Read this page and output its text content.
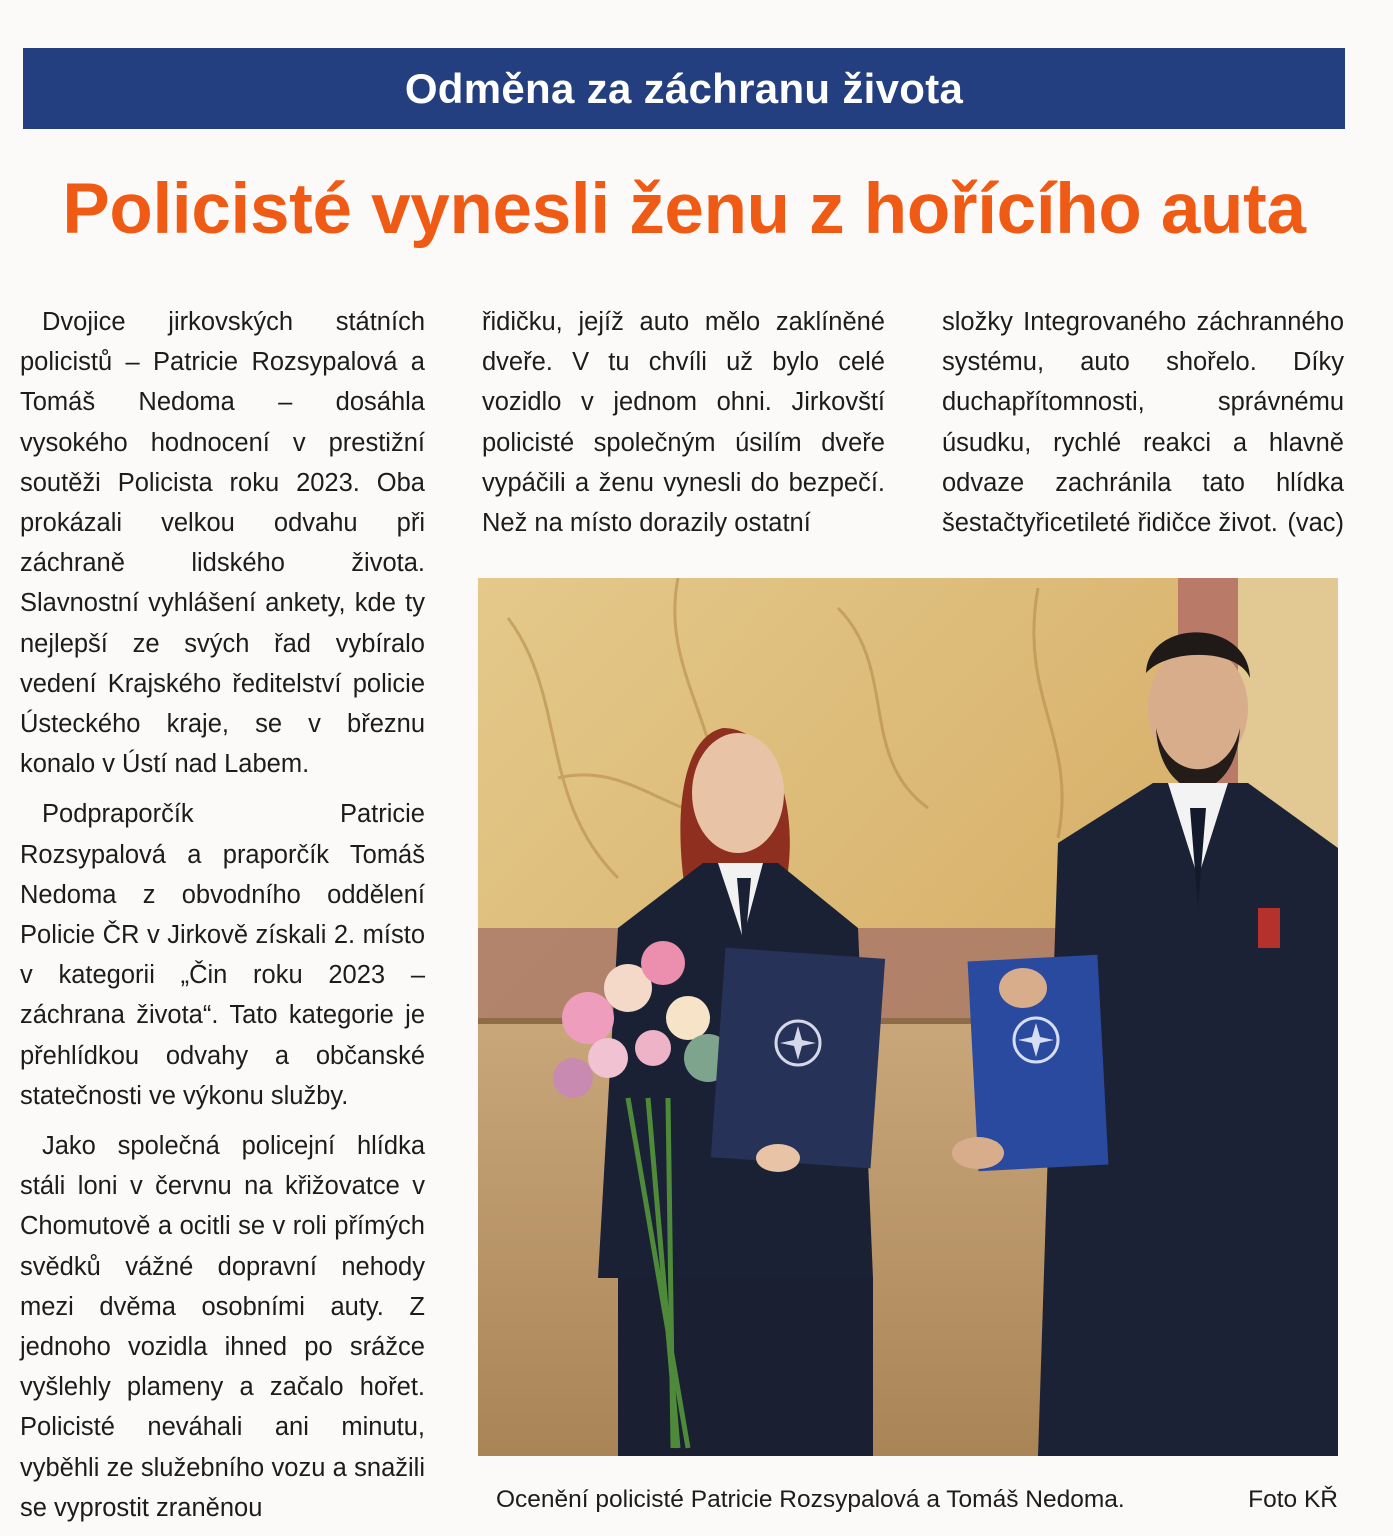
Odměna za záchranu života
Policisté vynesli ženu z hořícího auta

Dvojice jirkovských státních policistů – Patricie Rozsypalová a Tomáš Nedoma – dosáhla vysokého hodnocení v prestižní soutěži Policista roku 2023. Oba prokázali velkou odvahu při záchraně lidského života. Slavnostní vyhlášení ankety, kde ty nejlepší ze svých řad vybíralo vedení Krajského ředitelství policie Ústeckého kraje, se v březnu konalo v Ústí nad Labem.

Podpraporčík Patricie Rozsypalová a praporčík Tomáš Nedoma z obvodního oddělení Policie ČR v Jirkově získali 2. místo v kategorii „Čin roku 2023 – záchrana života“. Tato kategorie je přehlídkou odvahy a občanské statečnosti ve výkonu služby.

Jako společná policejní hlídka stáli loni v červnu na křižovatce v Chomutově a ocitli se v roli přímých svědků vážné dopravní nehody mezi dvěma osobními auty. Z jednoho vozidla ihned po srážce vyšlehly plameny a začalo hořet. Policisté neváhali ani minutu, vyběhli ze služebního vozu a snažili se vyprostit zraněnou

řidičku, jejíž auto mělo zaklíněné dveře. V tu chvíli už bylo celé vozidlo v jednom ohni. Jirkovští policisté společným úsilím dveře vypáčili a ženu vynesli do bezpečí. Než na místo dorazily ostatní

složky Integrovaného záchranného systému, auto shořelo. Díky duchapřítomnosti, správnému úsudku, rychlé reakci a hlavně odvaze zachránila tato hlídka šestačtyřicetileté řidičce život. (vac)

Ocenění policisté Patricie Rozsypalová a Tomáš Nedoma.	Foto KŘ
